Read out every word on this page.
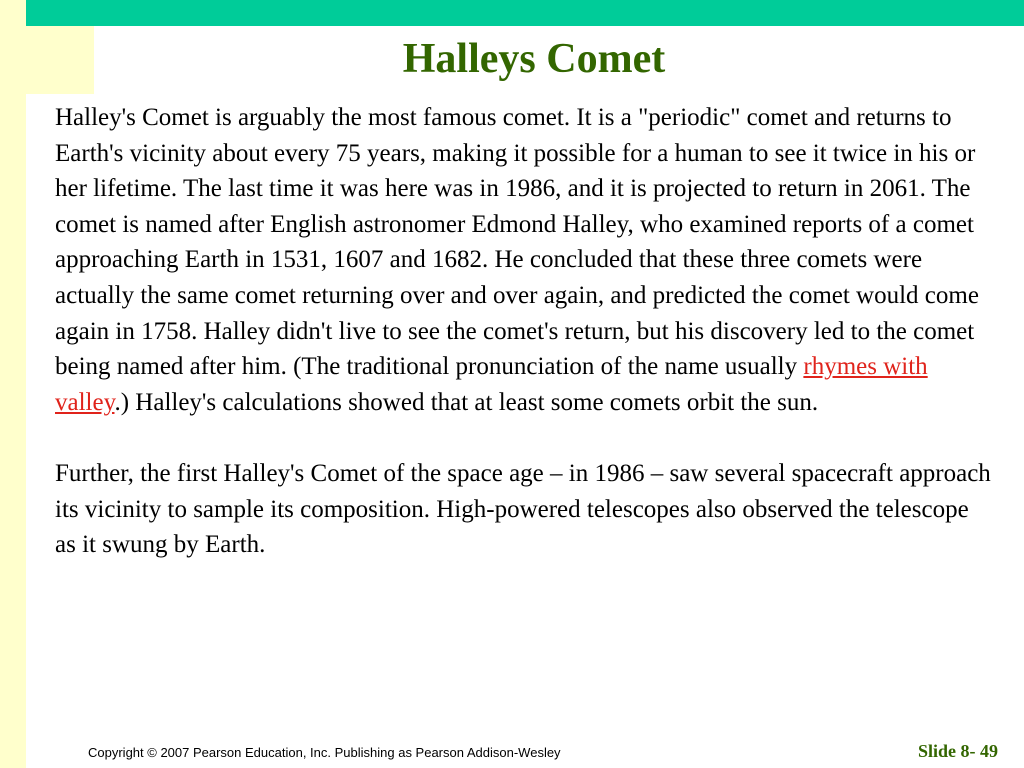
Halleys Comet

Halley's Comet is arguably the most famous comet. It is a "periodic" comet and returns to Earth's vicinity about every 75 years, making it possible for a human to see it twice in his or her lifetime. The last time it was here was in 1986, and it is projected to return in 2061. The comet is named after English astronomer Edmond Halley, who examined reports of a comet approaching Earth in 1531, 1607 and 1682. He concluded that these three comets were actually the same comet returning over and over again, and predicted the comet would come again in 1758. Halley didn't live to see the comet's return, but his discovery led to the comet being named after him. (The traditional pronunciation of the name usually rhymes with valley.) Halley's calculations showed that at least some comets orbit the sun.

Further, the first Halley's Comet of the space age – in 1986 – saw several spacecraft approach its vicinity to sample its composition. High-powered telescopes also observed the telescope as it swung by Earth.

Copyright © 2007 Pearson Education, Inc. Publishing as Pearson Addison-Wesley	Slide 8- 49
